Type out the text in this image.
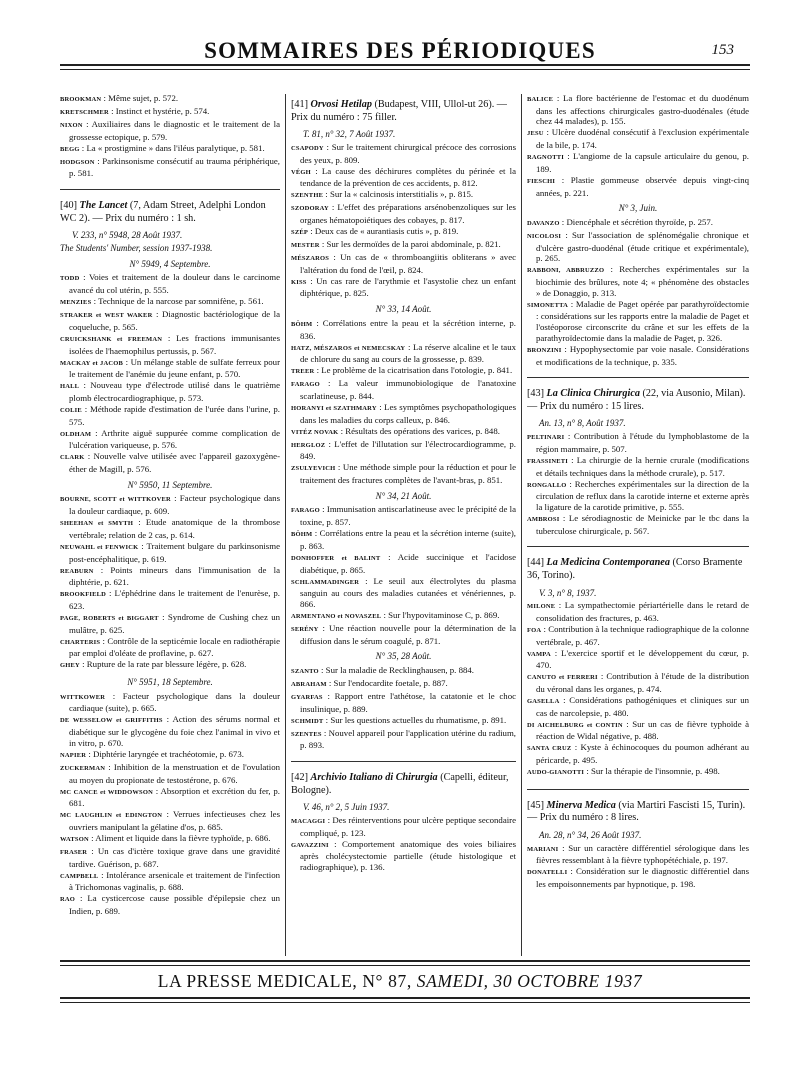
SOMMAIRES DES PÉRIODIQUES	153
BROOKMAN : Même sujet, p. 572.
KRETSCHMER : Instinct et hystérie, p. 574.
NIXON : Auxiliaires dans le diagnostic et le traitement de la grossesse ectopique, p. 579.
BEGG : La « prostigmine » dans l'iléus paralytique, p. 581.
HODGSON : Parkinsonisme consécutif au trauma périphérique, p. 581.
[40] The Lancet (7, Adam Street, Adelphi London WC 2). — Prix du numéro : 1 sh.
V. 233, n° 5948, 28 Août 1937.
The Students' Number, session 1937-1938.
N° 5949, 4 Septembre.
TODD : Voies et traitement de la douleur dans le carcinome avancé du col utérin, p. 555.
MENZIES : Technique de la narcose par somnifène, p. 561.
STRAKER et WEST WAKER : Diagnostic bactériologique de la coqueluche, p. 565.
CRUICKSHANK et FREEMAN : Les fractions immunisantes isolées de l'haemophilus pertussis, p. 567.
MACKAY et JACOB : Un mélange stable de sulfate ferreux pour le traitement de l'anémie du jeune enfant, p. 570.
HALL : Nouveau type d'électrode utilisé dans le quatrième plomb électrocardiographique, p. 573.
COLIE : Méthode rapide d'estimation de l'urée dans l'urine, p. 575.
OLDHAM : Arthrite aiguë suppurée comme complication de l'ulcération variqueuse, p. 576.
CLARK : Nouvelle valve utilisée avec l'appareil gazoxygène-éther de Magill, p. 576.
N° 5950, 11 Septembre.
BOURNE, SCOTT et WITTKOVER : Facteur psychologique dans la douleur cardiaque, p. 609.
SHEEHAN et SMYTH : Etude anatomique de la thrombose vertébrale; relation de 2 cas, p. 614.
NEUWAHL et FENWICK : Traitement bulgare du parkinsonisme post-encéphalitique, p. 619.
REABURN : Points mineurs dans l'immunisation de la diphtérie, p. 621.
BROOKFIELD : L'éphédrine dans le traitement de l'enurèse, p. 623.
PAGE, ROBERTS et BIGGART : Syndrome de Cushing chez un mulâtre, p. 625.
CHARTERIS : Contrôle de la septicémie locale en radiothérapie par emploi d'oléate de proflavine, p. 627.
GHEY : Rupture de la rate par blessure légère, p. 628.
N° 5951, 18 Septembre.
WITTKOWER : Facteur psychologique dans la douleur cardiaque (suite), p. 665.
DE WESSELOW et GRIFFITHS : Action des sérums normal et diabétique sur le glycogène du foie chez l'animal in vivo et in vitro, p. 670.
NAPIER : Diphtérie laryngée et trachéotomie, p. 673.
ZUCKERMAN : Inhibition de la menstruation et de l'ovulation au moyen du propionate de testostérone, p. 676.
MC CANCE et WIDDOWSON : Absorption et excrétion du fer, p. 681.
MC LAUGHLIN et EDINGTON : Verrues infectieuses chez les ouvriers manipulant la gélatine d'os, p. 685.
WATSON : Aliment et liquide dans la fièvre typhoïde, p. 686.
FRASER : Un cas d'ictère toxique grave dans une gravidité tardive. Guérison, p. 687.
CAMPBELL : Intolérance arsenicale et traitement de l'infection à Trichomonas vaginalis, p. 688.
RAO : La cysticercose cause possible d'épilepsie chez un Indien, p. 689.
[41] Orvosi Hetilap (Budapest, VIII, Ullol-ut 26). — Prix du numéro : 75 filler.
T. 81, n° 32, 7 Août 1937.
CSAPODY : Sur le traitement chirurgical précoce des corrosions des yeux, p. 809.
VÉGH : La cause des déchirures complètes du périnée et la tendance de la prévention de ces accidents, p. 812.
SZENTHE : Sur la « calcinosis interstitialis », p. 815.
SZODORAY : L'effet des préparations arsénobenzoliques sur les organes hématopoiétiques des cobayes, p. 817.
SZÉP : Deux cas de « aurantiasis cutis », p. 819.
MESTER : Sur les dermoïdes de la paroi abdominale, p. 821.
MÉSZAROS : Un cas de « thromboangiitis obliterans » avec l'altération du fond de l'œil, p. 824.
KISS : Un cas rare de l'arythmie et l'asystolie chez un enfant diphtérique, p. 825.
N° 33, 14 Août.
BÖHM : Corrélations entre la peau et la sécrétion interne, p. 836.
HATZ, MÉSZAROS et NEMECSKAY : La réserve alcaline et le taux de chlorure du sang au cours de la grossesse, p. 839.
TREER : Le problème de la cicatrisation dans l'otologie, p. 841.
FARAGO : La valeur immunobiologique de l'anatoxine scarlatineuse, p. 844.
HORANYI et SZATHMARY : Les symptômes psychopathologiques dans les maladies du corps calleux, p. 846.
VITÉZ NOVAK : Résultats des opérations des varices, p. 848.
HERGLOZ : L'effet de l'illutation sur l'électrocardiogramme, p. 849.
ZSULYEVICH : Une méthode simple pour la réduction et pour le traitement des fractures complètes de l'avant-bras, p. 851.
N° 34, 21 Août.
FARAGO : Immunisation antiscarlatineuse avec le précipité de la toxine, p. 857.
BÖHM : Corrélations entre la peau et la sécrétion interne (suite), p. 863.
DONHOFFER et BALINT : Acide succinique et l'acidose diabétique, p. 865.
SCHLAMMADINGER : Le seuil aux électrolytes du plasma sanguin au cours des maladies cutanées et vénériennes, p. 866.
ARMENTANO et NOVASZEL : Sur l'hypovitaminose C, p. 869.
SERÉNY : Une réaction nouvelle pour la détermination de la diffusion dans le sérum coagulé, p. 871.
N° 35, 28 Août.
SZANTO : Sur la maladie de Recklinghausen, p. 884.
ABRAHAM : Sur l'endocardite foetale, p. 887.
GYARFAS : Rapport entre l'athétose, la catatonie et le choc insulinique, p. 889.
SCHMIDT : Sur les questions actuelles du rhumatisme, p. 891.
SZENTES : Nouvel appareil pour l'application utérine du radium, p. 893.
[42] Archivio Italiano di Chirurgia (Capelli, éditeur, Bologne).
V. 46, n° 2, 5 Juin 1937.
MACAGGI : Des réinterventions pour ulcère peptique secondaire compliqué, p. 123.
GAVAZZINI : Comportement anatomique des voies biliaires après cholécystectomie partielle (étude histologique et radiographique), p. 136.
BALICE : La flore bactérienne de l'estomac et du duodénum dans les affections chirurgicales gastro-duodénales (étude chez 44 malades), p. 155.
JESU : Ulcère duodénal consécutif à l'exclusion expérimentale de la bile, p. 174.
RAGNOTTI : L'angiome de la capsule articulaire du genou, p. 189.
FIESCHI : Plastie gommeuse observée depuis vingt-cinq années, p. 221.
N° 3, Juin.
DAVANZO : Diencéphale et sécrétion thyroïde, p. 257.
NICOLOSI : Sur l'association de splénomégalie chronique et d'ulcère gastro-duodénal (étude critique et expérimentale), p. 265.
RABBONI, ABBRUZZO : Recherches expérimentales sur la biochimie des brûlures, note 4; « phénomène des obstacles » de Donaggio, p. 313.
SIMONETTA : Maladie de Paget opérée par parathyroïdectomie : considérations sur les rapports entre la maladie de Paget et l'ostéoporose circonscrite du crâne et sur les effets de la parathyroïdectomie dans la maladie de Paget, p. 326.
BRONZINI : Hypophysectomie par voie nasale. Considérations et modifications de la technique, p. 335.
[43] La Clinica Chirurgica (22, via Ausonio, Milan). — Prix du numéro : 15 lires.
An. 13, n° 8, Août 1937.
PELTINARI : Contribution à l'étude du lymphoblastome de la région mammaire, p. 507.
FRASSINETI : La chirurgie de la hernie crurale (modifications et détails techniques dans la méthode crurale), p. 517.
RONGALLO : Recherches expérimentales sur la direction de la circulation de reflux dans la carotide interne et externe après la ligature de la carotide primitive, p. 555.
AMBROSI : Le sérodiagnostic de Meinicke par le tbc dans la tuberculose chirurgicale, p. 567.
[44] La Medicina Contemporanea (Corso Bramente 36, Torino).
V. 3, n° 8, 1937.
MILONE : La sympathectomie périartérielle dans le retard de consolidation des fractures, p. 463.
FOA : Contribution à la technique radiographique de la colonne vertébrale, p. 467.
VAMPA : L'exercice sportif et le développement du cœur, p. 470.
CANUTO et FERRERI : Contribution à l'étude de la distribution du véronal dans les organes, p. 474.
GASELLA : Considérations pathogéniques et cliniques sur un cas de narcolepsie, p. 480.
DI AICHELBURG et CONTIN : Sur un cas de fièvre typhoïde à réaction de Widal négative, p. 488.
SANTA CRUZ : Kyste à échinocoques du poumon adhérant au péricarde, p. 495.
AUDO-GIANOTTI : Sur la thérapie de l'insomnie, p. 498.
[45] Minerva Medica (via Martiri Fascisti 15, Turin). — Prix du numéro : 8 lires.
An. 28, n° 34, 26 Août 1937.
MARIANI : Sur un caractère différentiel sérologique dans les fièvres ressemblant à la fièvre typhopétéchiale, p. 197.
DONATELLI : Considération sur le diagnostic différentiel dans les empoisonnements par hypnotique, p. 198.
LA PRESSE MEDICALE, N° 87, SAMEDI, 30 OCTOBRE 1937
